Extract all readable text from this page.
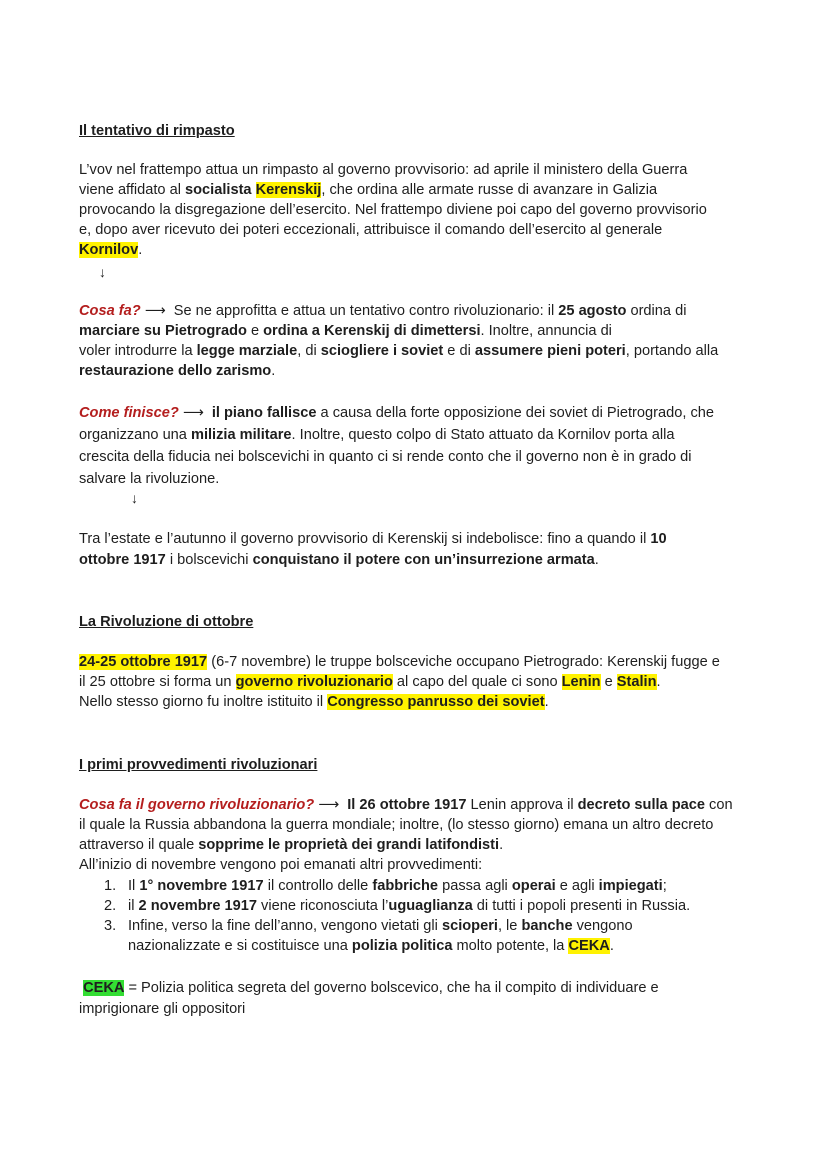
Il tentativo di rimpasto
L’vov nel frattempo attua un rimpasto al governo provvisorio: ad aprile il ministero della Guerra
viene affidato al socialista Kerenskij, che ordina alle armate russe di avanzare in Galizia
provocando la disgregazione dell’esercito. Nel frattempo diviene poi capo del governo provvisorio
e, dopo aver ricevuto dei poteri eccezionali, attribuisce il comando dell’esercito al generale
Kornilov.
↓
Cosa fa? ⟶ Se ne approfitta e attua un tentativo contro rivoluzionario: il 25 agosto ordina di
marciare su Pietrogrado e ordina a Kerenskij di dimettersi. Inoltre, annuncia di
voler introdurre la legge marziale, di sciogliere i soviet e di assumere pieni poteri, portando alla
restaurazione dello zarismo.
Come finisce? ⟶ il piano fallisce a causa della forte opposizione dei soviet di Pietrogrado, che
organizzano una milizia militare. Inoltre, questo colpo di Stato attuato da Kornilov porta alla
crescita della fiducia nei bolscevichi in quanto ci si rende conto che il governo non è in grado di
salvare la rivoluzione.
↓
Tra l’estate e l’autunno il governo provvisorio di Kerenskij si indebolisce: fino a quando il 10
ottobre 1917 i bolscevichi conquistano il potere con un’insurrezione armata.
La Rivoluzione di ottobre
24-25 ottobre 1917 (6-7 novembre) le truppe bolsceviche occupano Pietrogrado: Kerenskij fugge e
il 25 ottobre si forma un governo rivoluzionario al capo del quale ci sono Lenin e Stalin.
Nello stesso giorno fu inoltre istituito il Congresso panrusso dei soviet.
I primi provvedimenti rivoluzionari
Cosa fa il governo rivoluzionario? ⟶ Il 26 ottobre 1917 Lenin approva il decreto sulla pace con
il quale la Russia abbandona la guerra mondiale; inoltre, (lo stesso giorno) emana un altro decreto
attraverso il quale sopprime le proprietà dei grandi latifondisti.
All’inizio di novembre vengono poi emanati altri provvedimenti:
1. Il 1° novembre 1917 il controllo delle fabbriche passa agli operai e agli impiegati;
2. il 2 novembre 1917 viene riconosciuta l’uguaglianza di tutti i popoli presenti in Russia.
3. Infine, verso la fine dell’anno, vengono vietati gli scioperi, le banche vengono
nazionalizzate e si costituisce una polizia politica molto potente, la CEKA.
CEKA = Polizia politica segreta del governo bolscevico, che ha il compito di individuare e
imprigionare gli oppositori
